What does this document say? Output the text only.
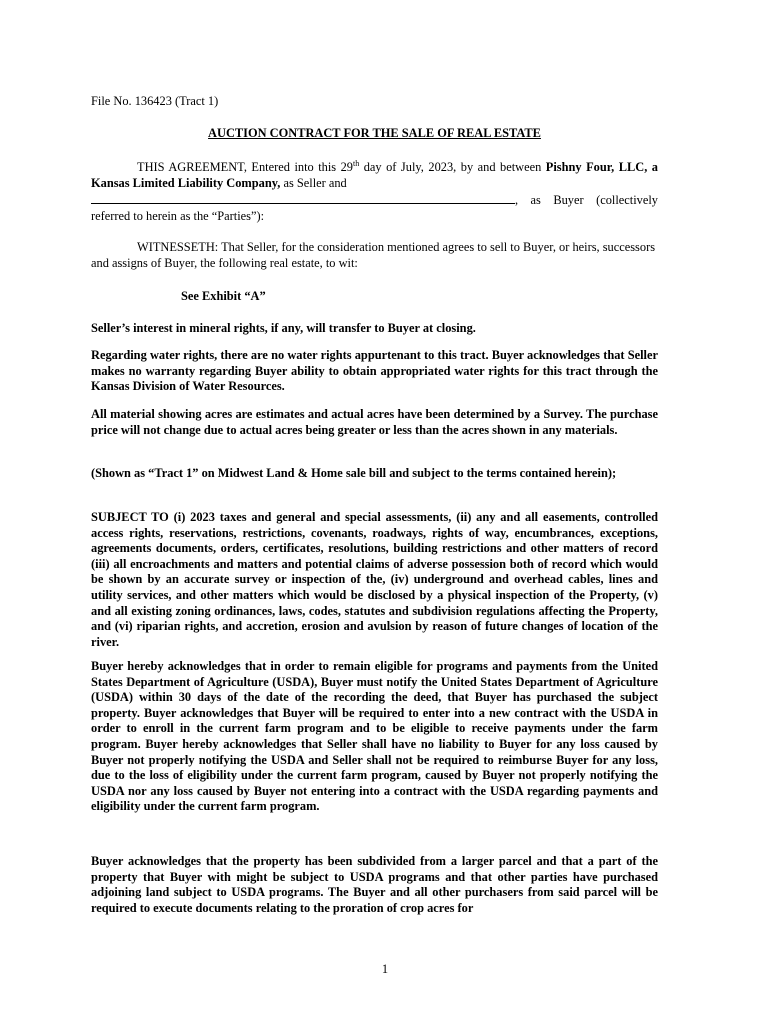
File No. 136423 (Tract 1)
AUCTION CONTRACT FOR THE SALE OF REAL ESTATE
THIS AGREEMENT, Entered into this 29th day of July, 2023, by and between Pishny Four, LLC, a Kansas Limited Liability Company, as Seller and
, as Buyer (collectively referred to herein as the “Parties”):
WITNESSETH: That Seller, for the consideration mentioned agrees to sell to Buyer, or heirs, successors and assigns of Buyer, the following real estate, to wit:
See Exhibit “A”
Seller’s interest in mineral rights, if any, will transfer to Buyer at closing.
Regarding water rights, there are no water rights appurtenant to this tract. Buyer acknowledges that Seller makes no warranty regarding Buyer ability to obtain appropriated water rights for this tract through the Kansas Division of Water Resources.
All material showing acres are estimates and actual acres have been determined by a Survey. The purchase price will not change due to actual acres being greater or less than the acres shown in any materials.
(Shown as “Tract 1” on Midwest Land & Home sale bill and subject to the terms contained herein);
SUBJECT TO (i) 2023 taxes and general and special assessments, (ii) any and all easements, controlled access rights, reservations, restrictions, covenants, roadways, rights of way, encumbrances, exceptions, agreements documents, orders, certificates, resolutions, building restrictions and other matters of record (iii) all encroachments and matters and potential claims of adverse possession both of record which would be shown by an accurate survey or inspection of the, (iv) underground and overhead cables, lines and utility services, and other matters which would be disclosed by a physical inspection of the Property, (v) and all existing zoning ordinances, laws, codes, statutes and subdivision regulations affecting the Property, and (vi) riparian rights, and accretion, erosion and avulsion by reason of future changes of location of the river.
Buyer hereby acknowledges that in order to remain eligible for programs and payments from the United States Department of Agriculture (USDA), Buyer must notify the United States Department of Agriculture (USDA) within 30 days of the date of the recording the deed, that Buyer has purchased the subject property. Buyer acknowledges that Buyer will be required to enter into a new contract with the USDA in order to enroll in the current farm program and to be eligible to receive payments under the farm program. Buyer hereby acknowledges that Seller shall have no liability to Buyer for any loss caused by Buyer not properly notifying the USDA and Seller shall not be required to reimburse Buyer for any loss, due to the loss of eligibility under the current farm program, caused by Buyer not properly notifying the USDA nor any loss caused by Buyer not entering into a contract with the USDA regarding payments and eligibility under the current farm program.
Buyer acknowledges that the property has been subdivided from a larger parcel and that a part of the property that Buyer with might be subject to USDA programs and that other parties have purchased adjoining land subject to USDA programs. The Buyer and all other purchasers from said parcel will be required to execute documents relating to the proration of crop acres for
1
